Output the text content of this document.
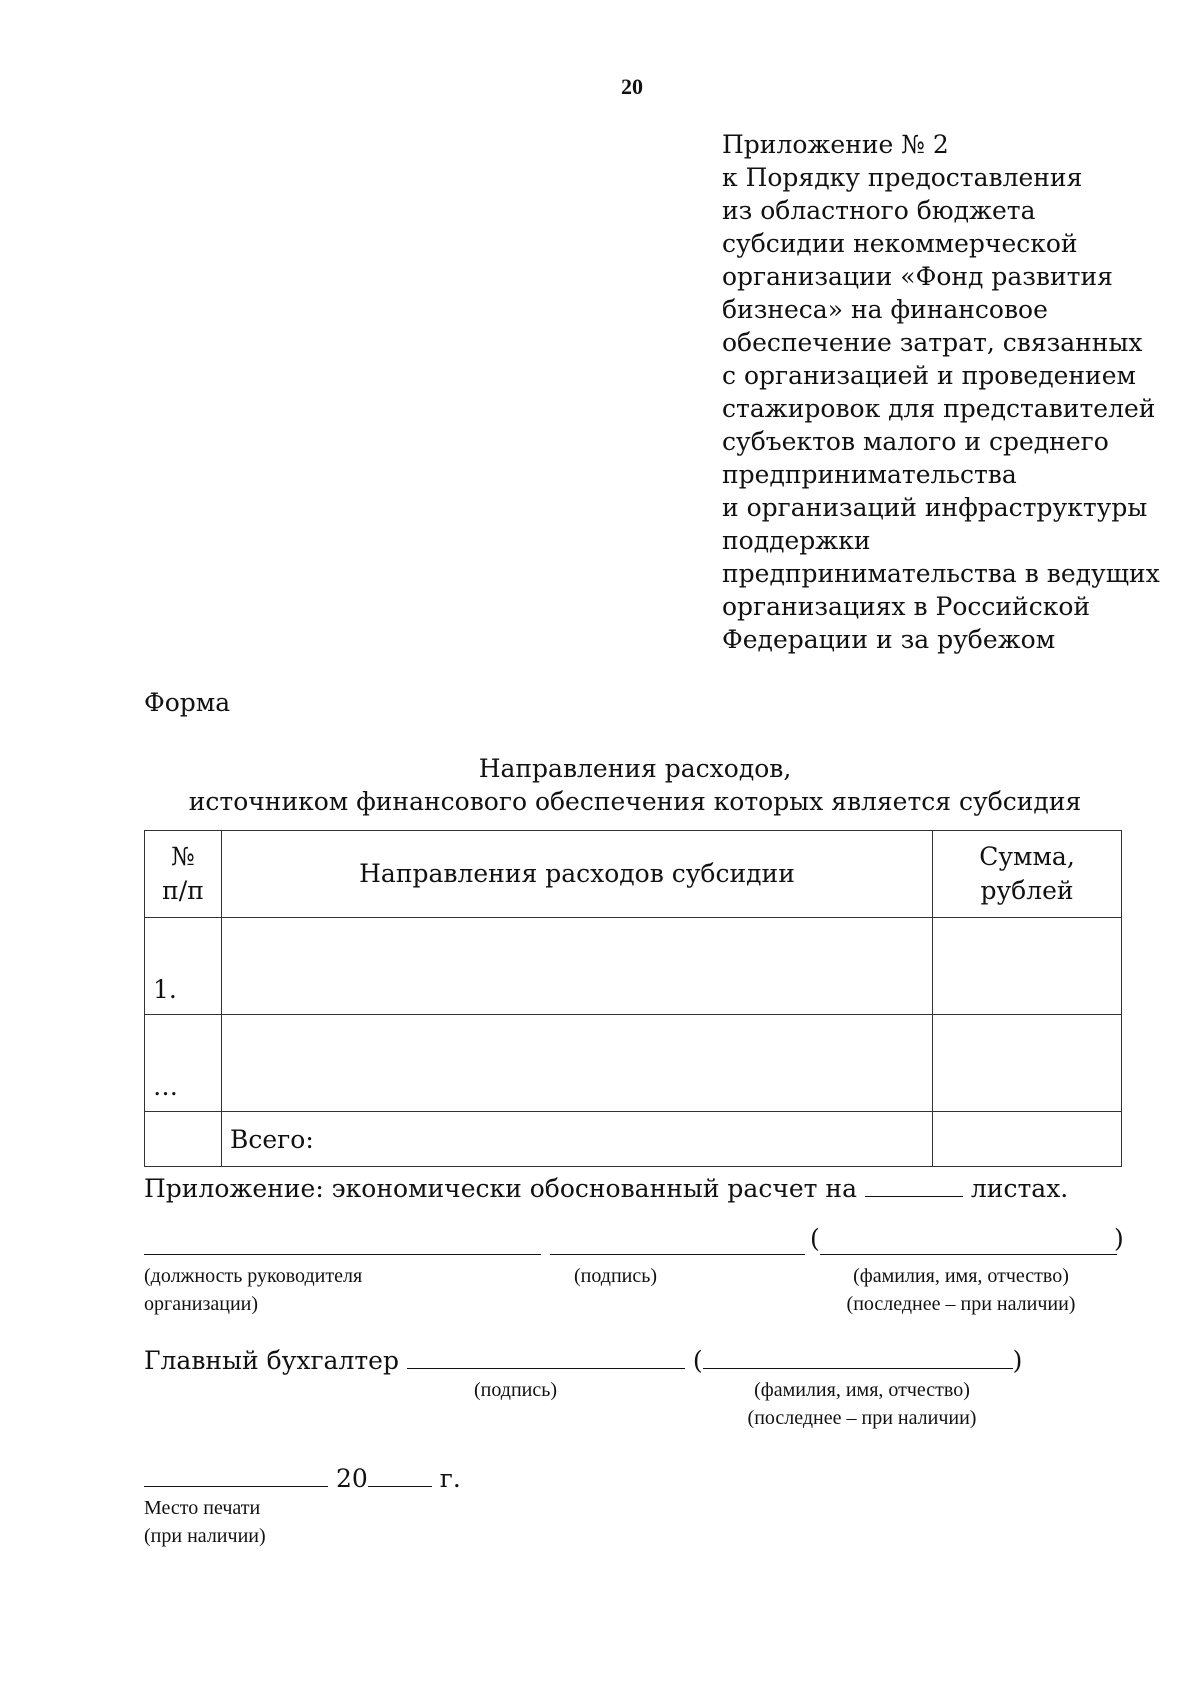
20
Приложение № 2
к Порядку предоставления
из областного бюджета
субсидии некоммерческой
организации «Фонд развития
бизнеса» на финансовое
обеспечение затрат, связанных
с организацией и проведением
стажировок для представителей
субъектов малого и среднего
предпринимательства
и организаций инфраструктуры
поддержки
предпринимательства в ведущих
организациях в Российской
Федерации и за рубежом
Форма
Направления расходов,
источником финансового обеспечения которых является субсидия
№
п/п	Направления расходов субсидии	Сумма,
рублей
1.		
…		
	Всего:	
Приложение: экономически обоснованный расчет на	листах.
(	)
(должность руководителя
организации)
(подпись)	(фамилия, имя, отчество)
(последнее – при наличии)
Главный бухгалтер	(	)
(подпись)	(фамилия, имя, отчество)
(последнее – при наличии)
20	г.
Место печати
(при наличии)
